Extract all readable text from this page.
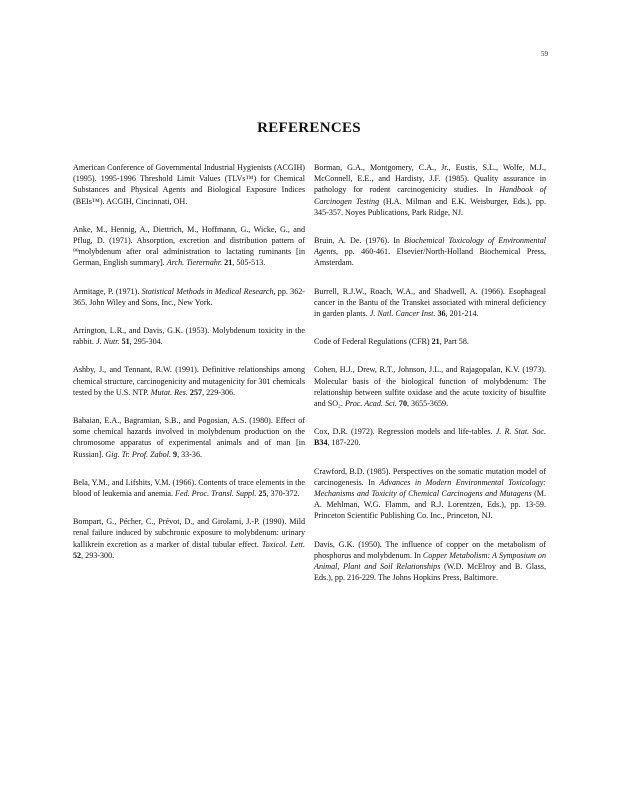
59
REFERENCES

American Conference of Governmental Industrial Hygienists (ACGIH) (1995). 1995-1996 Threshold Limit Values (TLVs™) for Chemical Substances and Physical Agents and Biological Exposure Indices (BEIs™). ACGIH, Cincinnati, OH.

Anke, M., Hennig, A., Diettrich, M., Hoffmann, G., Wicke, G., and Pflug, D. (1971). Absorption, excretion and distribution pattern of ⁹⁹molybdenum after oral administration to lactating ruminants [in German, English summary]. Arch. Tierernahr. 21, 505-513.

Armitage, P. (1971). Statistical Methods in Medical Research, pp. 362-365. John Wiley and Sons, Inc., New York.

Arrington, L.R., and Davis, G.K. (1953). Molybdenum toxicity in the rabbit. J. Nutr. 51, 295-304.

Ashby, J., and Tennant, R.W. (1991). Definitive relationships among chemical structure, carcinogenicity and mutagenicity for 301 chemicals tested by the U.S. NTP. Mutat. Res. 257, 229-306.

Babaian, E.A., Bagramian, S.B., and Pogosian, A.S. (1980). Effect of some chemical hazards involved in molybdenum production on the chromosome apparatus of experimental animals and of man [in Russian]. Gig. Tr. Prof. Zabol. 9, 33-36.

Bela, Y.M., and Lifshits, V.M. (1966). Contents of trace elements in the blood of leukemia and anemia. Fed. Proc. Transl. Suppl. 25, 370-372.

Bompart, G., Pécher, C., Prévot, D., and Girolami, J.-P. (1990). Mild renal failure induced by subchronic exposure to molybdenum: urinary kallikrein excretion as a marker of distal tubular effect. Toxicol. Lett. 52, 293-300.

Borman, G.A., Montgomery, C.A., Jr., Eustis, S.L., Wolfe, M.J., McConnell, E.E., and Hardisty, J.F. (1985). Quality assurance in pathology for rodent carcinogenicity studies. In Handbook of Carcinogen Testing (H.A. Milman and E.K. Weisburger, Eds.), pp. 345-357. Noyes Publications, Park Ridge, NJ.

Bruin, A. De. (1976). In Biochemical Toxicology of Environmental Agents, pp. 460-461. Elsevier/North-Holland Biochemical Press, Amsterdam.

Burrell, R.J.W., Roach, W.A., and Shadwell, A. (1966). Esophageal cancer in the Bantu of the Transkei associated with mineral deficiency in garden plants. J. Natl. Cancer Inst. 36, 201-214.

Code of Federal Regulations (CFR) 21, Part 58.

Cohen, H.J., Drew, R.T., Johnson, J.L., and Rajagopalan, K.V. (1973). Molecular basis of the biological function of molybdenum: The relationship between sulfite oxidase and the acute toxicity of bisulfite and SO₂. Proc. Acad. Sci. 70, 3655-3659.

Cox, D.R. (1972). Regression models and life-tables. J. R. Stat. Soc. B34, 187-220.

Crawford, B.D. (1985). Perspectives on the somatic mutation model of carcinogenesis. In Advances in Modern Environmental Toxicology: Mechanisms and Toxicity of Chemical Carcinogens and Mutagens (M. A. Mehlman, W.G. Flamm, and R.J. Lorentzen, Eds.), pp. 13-59. Princeton Scientific Publishing Co. Inc., Princeton, NJ.

Davis, G.K. (1950). The influence of copper on the metabolism of phosphorus and molybdenum. In Copper Metabolism: A Symposium on Animal, Plant and Soil Relationships (W.D. McElroy and B. Glass, Eds.), pp. 216-229. The Johns Hopkins Press, Baltimore.
